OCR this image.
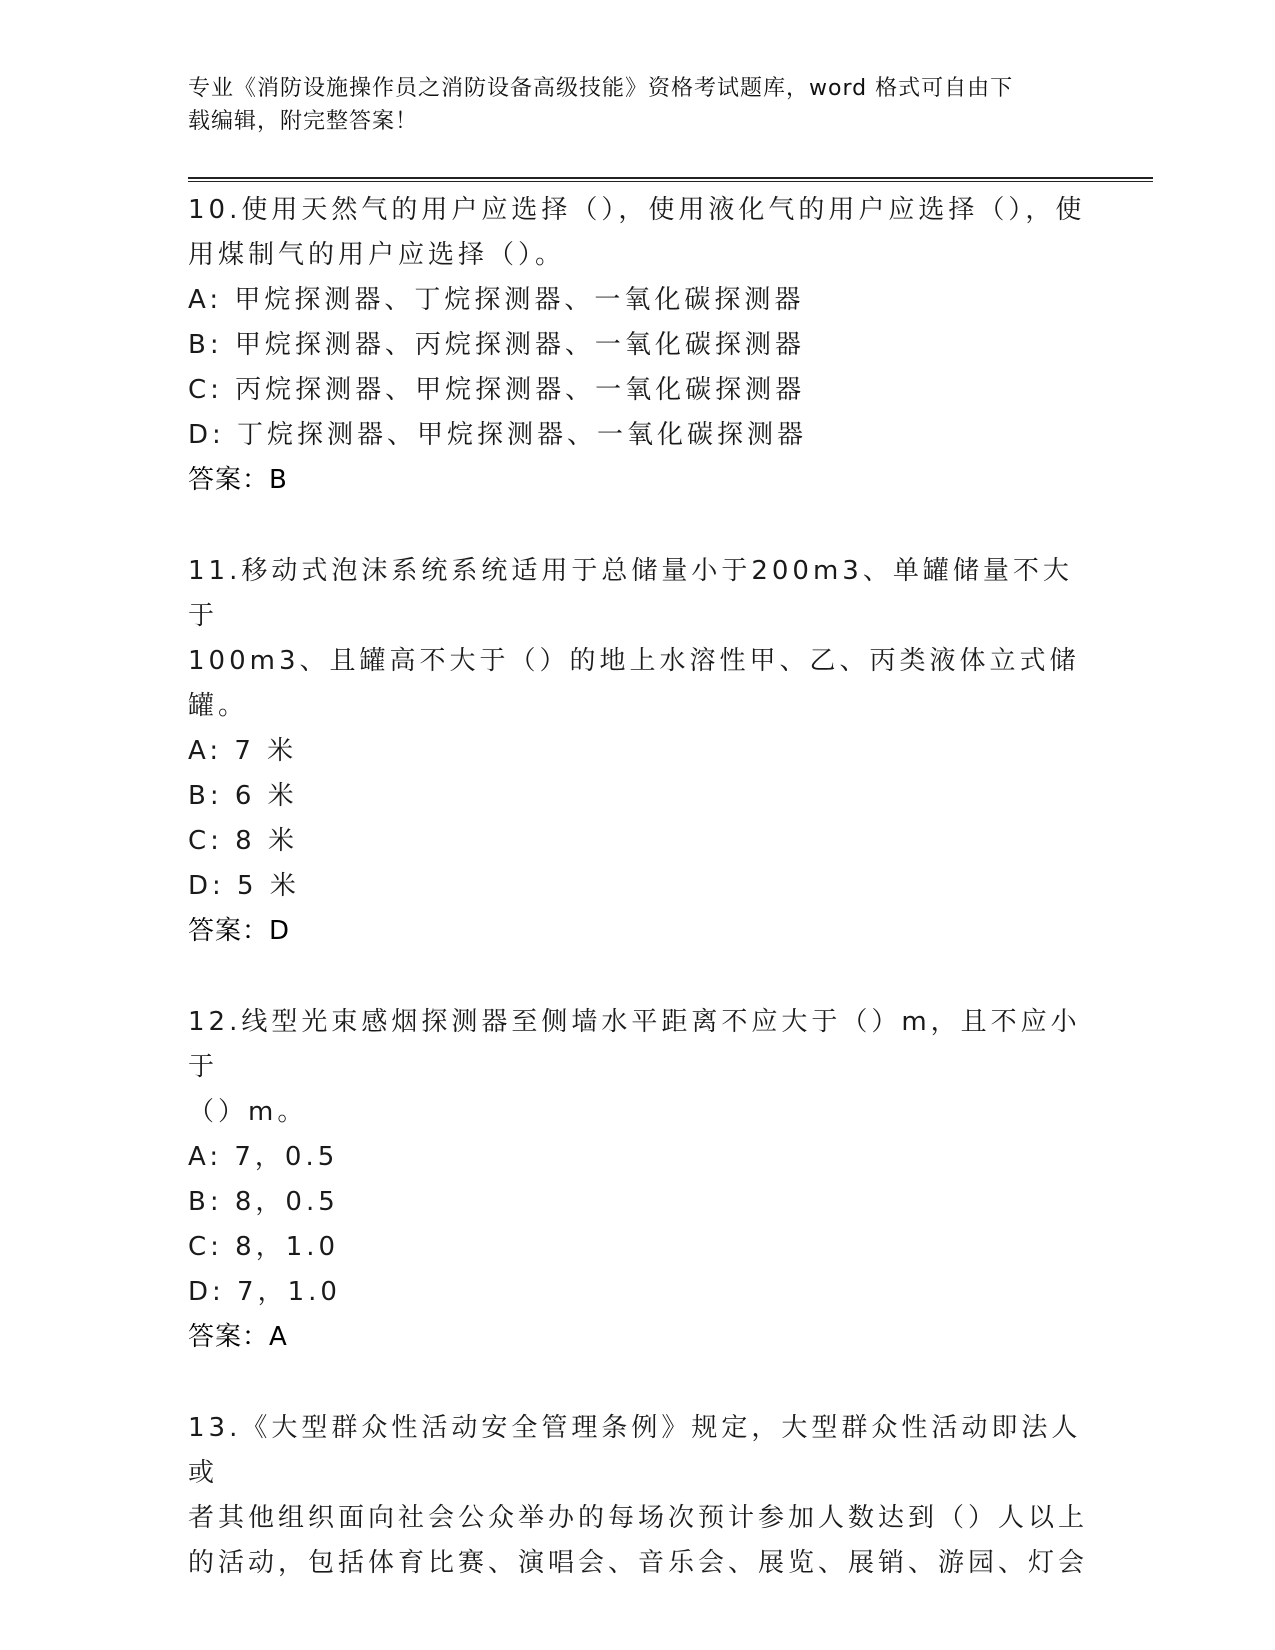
专业《消防设施操作员之消防设备高级技能》资格考试题库，word 格式可自由下
载编辑，附完整答案！
10.使用天然气的用户应选择（），使用液化气的用户应选择（），使
用煤制气的用户应选择（）。
A: 甲烷探测器、丁烷探测器、一氧化碳探测器
B: 甲烷探测器、丙烷探测器、一氧化碳探测器
C: 丙烷探测器、甲烷探测器、一氧化碳探测器
D: 丁烷探测器、甲烷探测器、一氧化碳探测器
答案：B
11.移动式泡沫系统系统适用于总储量小于200m3、单罐储量不大于
100m3、且罐高不大于（）的地上水溶性甲、乙、丙类液体立式储罐。
A: 7 米
B: 6 米
C: 8 米
D: 5 米
答案：D
12.线型光束感烟探测器至侧墙水平距离不应大于（）m，且不应小于
（）m。
A: 7，0.5
B: 8，0.5
C: 8，1.0
D: 7，1.0
答案：A
13.《大型群众性活动安全管理条例》规定，大型群众性活动即法人或
者其他组织面向社会公众举办的每场次预计参加人数达到（）人以上
的活动，包括体育比赛、演唱会、音乐会、展览、展销、游园、灯会
